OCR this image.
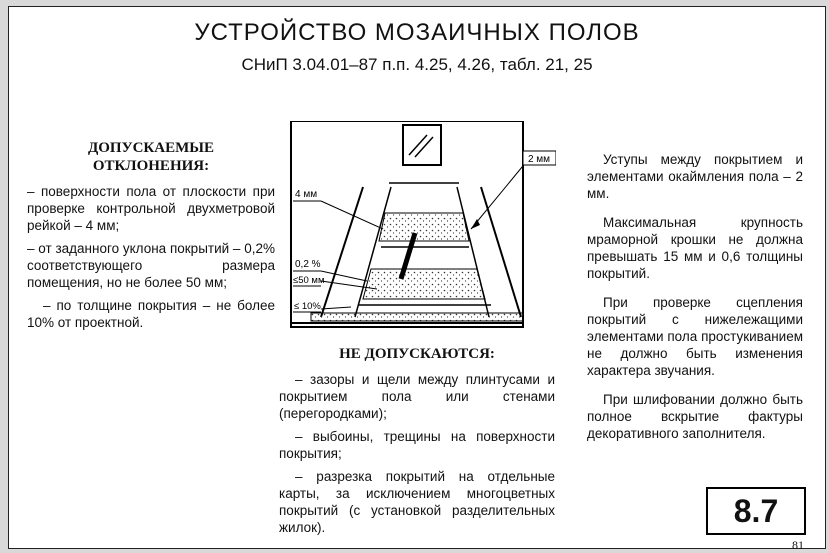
УСТРОЙСТВО МОЗАИЧНЫХ ПОЛОВ
СНиП 3.04.01–87 п.п. 4.25, 4.26, табл. 21, 25
ДОПУСКАЕМЫЕ
ОТКЛОНЕНИЯ:

– поверхности пола от плоскости при проверке контрольной двухметровой рейкой – 4 мм;

– от заданного уклона покрытий – 0,2% соответствующего размера помещения, но не более 50 мм;

– по толщине покрытия – не более 10% от проектной.

2 мм
4 мм
0,2 %
≤50 мм
≤ 10%
НЕ ДОПУСКАЮТСЯ:

– зазоры и щели между плинтусами и покрытием пола или стенами (перегородками);

– выбоины, трещины на поверхности покрытия;

– разрезка покрытий на отдельные карты, за исключением многоцветных покрытий (с установкой разделительных жилок).

Уступы между покрытием и элементами окаймления пола – 2 мм.

Максимальная крупность мраморной крошки не должна превышать 15 мм и 0,6 толщины покрытий.

При проверке сцепления покрытий с нижележащими элементами пола простукиванием не должно быть изменения характера звучания.

При шлифовании должно быть полное вскрытие фактуры декоративного заполнителя.

8.7
81
